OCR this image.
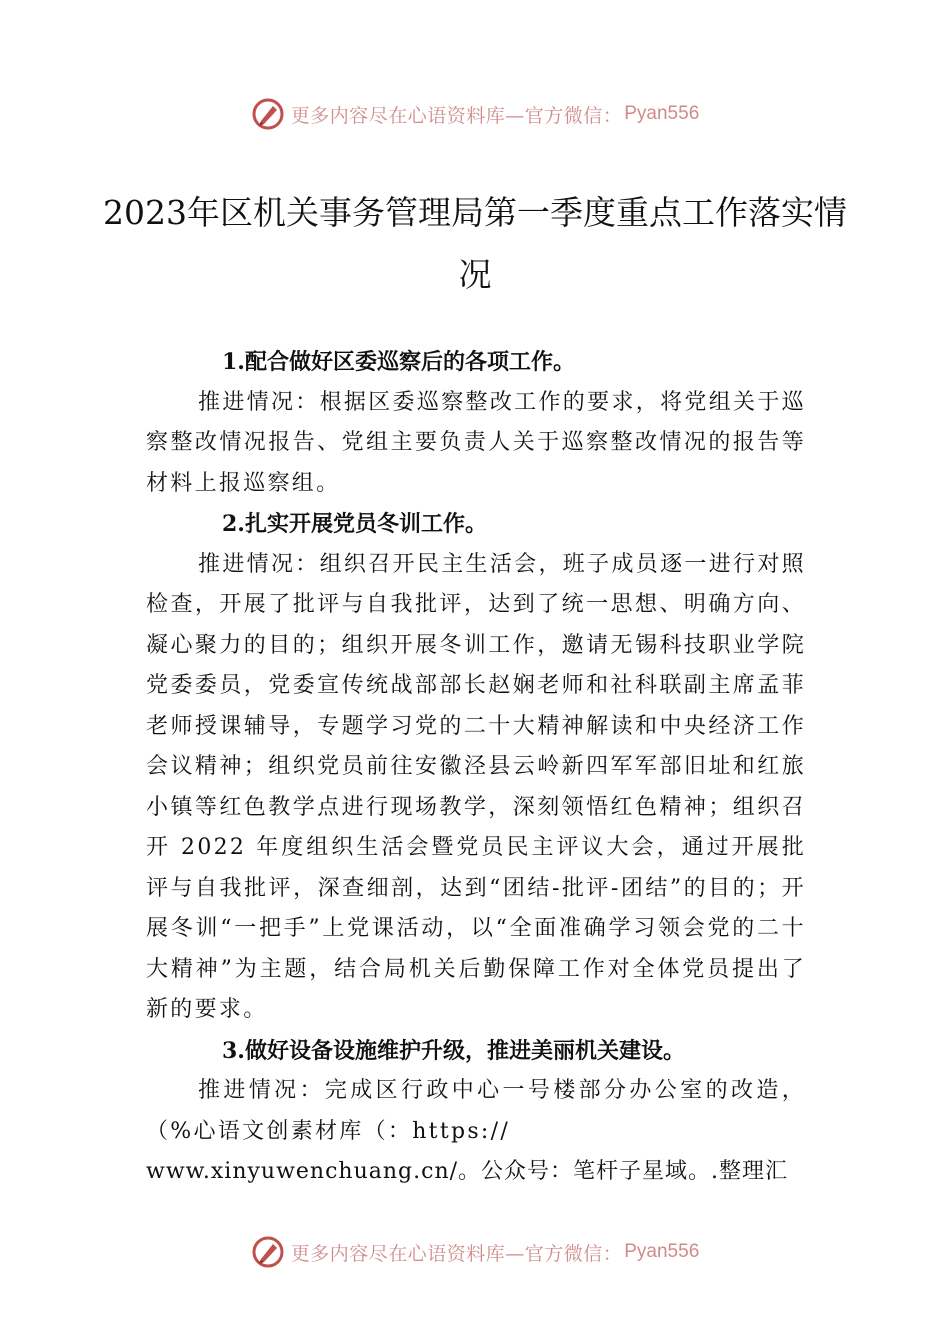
更多内容尽在心语资料库—官方微信： Pyan556
2023年区机关事务管理局第一季度重点工作落实情况

1.配合做好区委巡察后的各项工作。

推进情况：根据区委巡察整改工作的要求，将党组关于巡察整改情况报告、党组主要负责人关于巡察整改情况的报告等材料上报巡察组。

2.扎实开展党员冬训工作。

推进情况：组织召开民主生活会，班子成员逐一进行对照检查，开展了批评与自我批评，达到了统一思想、明确方向、凝心聚力的目的；组织开展冬训工作，邀请无锡科技职业学院党委委员，党委宣传统战部部长赵娴老师和社科联副主席孟菲老师授课辅导，专题学习党的二十大精神解读和中央经济工作会议精神；组织党员前往安徽泾县云岭新四军军部旧址和红旅小镇等红色教学点进行现场教学，深刻领悟红色精神；组织召开 2022 年度组织生活会暨党员民主评议大会，通过开展批评与自我批评，深查细剖，达到“团结-批评-团结”的目的；开展冬训“一把手”上党课活动，以“全面准确学习领会党的二十大精神”为主题，结合局机关后勤保障工作对全体党员提出了新的要求。

3.做好设备设施维护升级，推进美丽机关建设。

推进情况：完成区行政中心一号楼部分办公室的改造，（%心语文创素材库（：https://

www.xinyuwenchuang.cn/。公众号：笔杆子星域。.整理汇

更多内容尽在心语资料库—官方微信： Pyan556
